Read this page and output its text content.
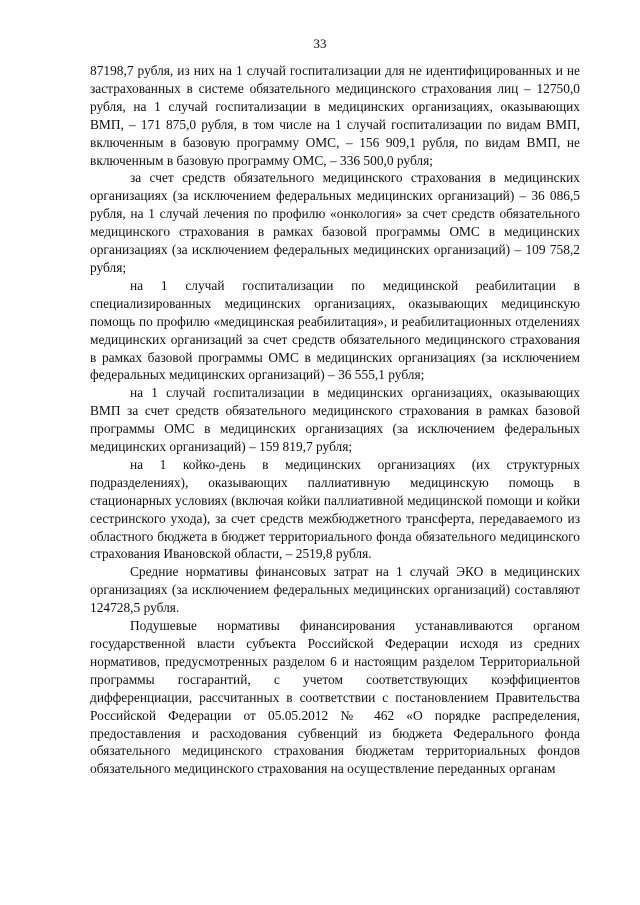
33

87198,7 рубля, из них на 1 случай госпитализации для не идентифицированных и не застрахованных в системе обязательного медицинского страхования лиц – 12750,0 рубля, на 1 случай госпитализации в медицинских организациях, оказывающих ВМП, – 171 875,0 рубля, в том числе на 1 случай госпитализации по видам ВМП, включенным в базовую программу ОМС, – 156 909,1 рубля, по видам ВМП, не включенным в базовую программу ОМС, – 336 500,0 рубля;

за счет средств обязательного медицинского страхования в медицинских организациях (за исключением федеральных медицинских организаций) – 36 086,5 рубля, на 1 случай лечения по профилю «онкология» за счет средств обязательного медицинского страхования в рамках базовой программы ОМС в медицинских организациях (за исключением федеральных медицинских организаций) – 109 758,2 рубля;

на 1 случай госпитализации по медицинской реабилитации в специализированных медицинских организациях, оказывающих медицинскую помощь по профилю «медицинская реабилитация», и реабилитационных отделениях медицинских организаций за счет средств обязательного медицинского страхования в рамках базовой программы ОМС в медицинских организациях (за исключением федеральных медицинских организаций) – 36 555,1 рубля;

на 1 случай госпитализации в медицинских организациях, оказывающих ВМП за счет средств обязательного медицинского страхования в рамках базовой программы ОМС в медицинских организациях (за исключением федеральных медицинских организаций) – 159 819,7 рубля;

на 1 койко-день в медицинских организациях (их структурных подразделениях), оказывающих паллиативную медицинскую помощь в стационарных условиях (включая койки паллиативной медицинской помощи и койки сестринского ухода), за счет средств межбюджетного трансферта, передаваемого из областного бюджета в бюджет территориального фонда обязательного медицинского страхования Ивановской области, – 2519,8 рубля.

Средние нормативы финансовых затрат на 1 случай ЭКО в медицинских организациях (за исключением федеральных медицинских организаций) составляют 124728,5 рубля.

Подушевые нормативы финансирования устанавливаются органом государственной власти субъекта Российской Федерации исходя из средних нормативов, предусмотренных разделом 6 и настоящим разделом Территориальной программы госгарантий, с учетом соответствующих коэффициентов дифференциации, рассчитанных в соответствии с постановлением Правительства Российской Федерации от 05.05.2012 № 462 «О порядке распределения, предоставления и расходования субвенций из бюджета Федерального фонда обязательного медицинского страхования бюджетам территориальных фондов обязательного медицинского страхования на осуществление переданных органам
